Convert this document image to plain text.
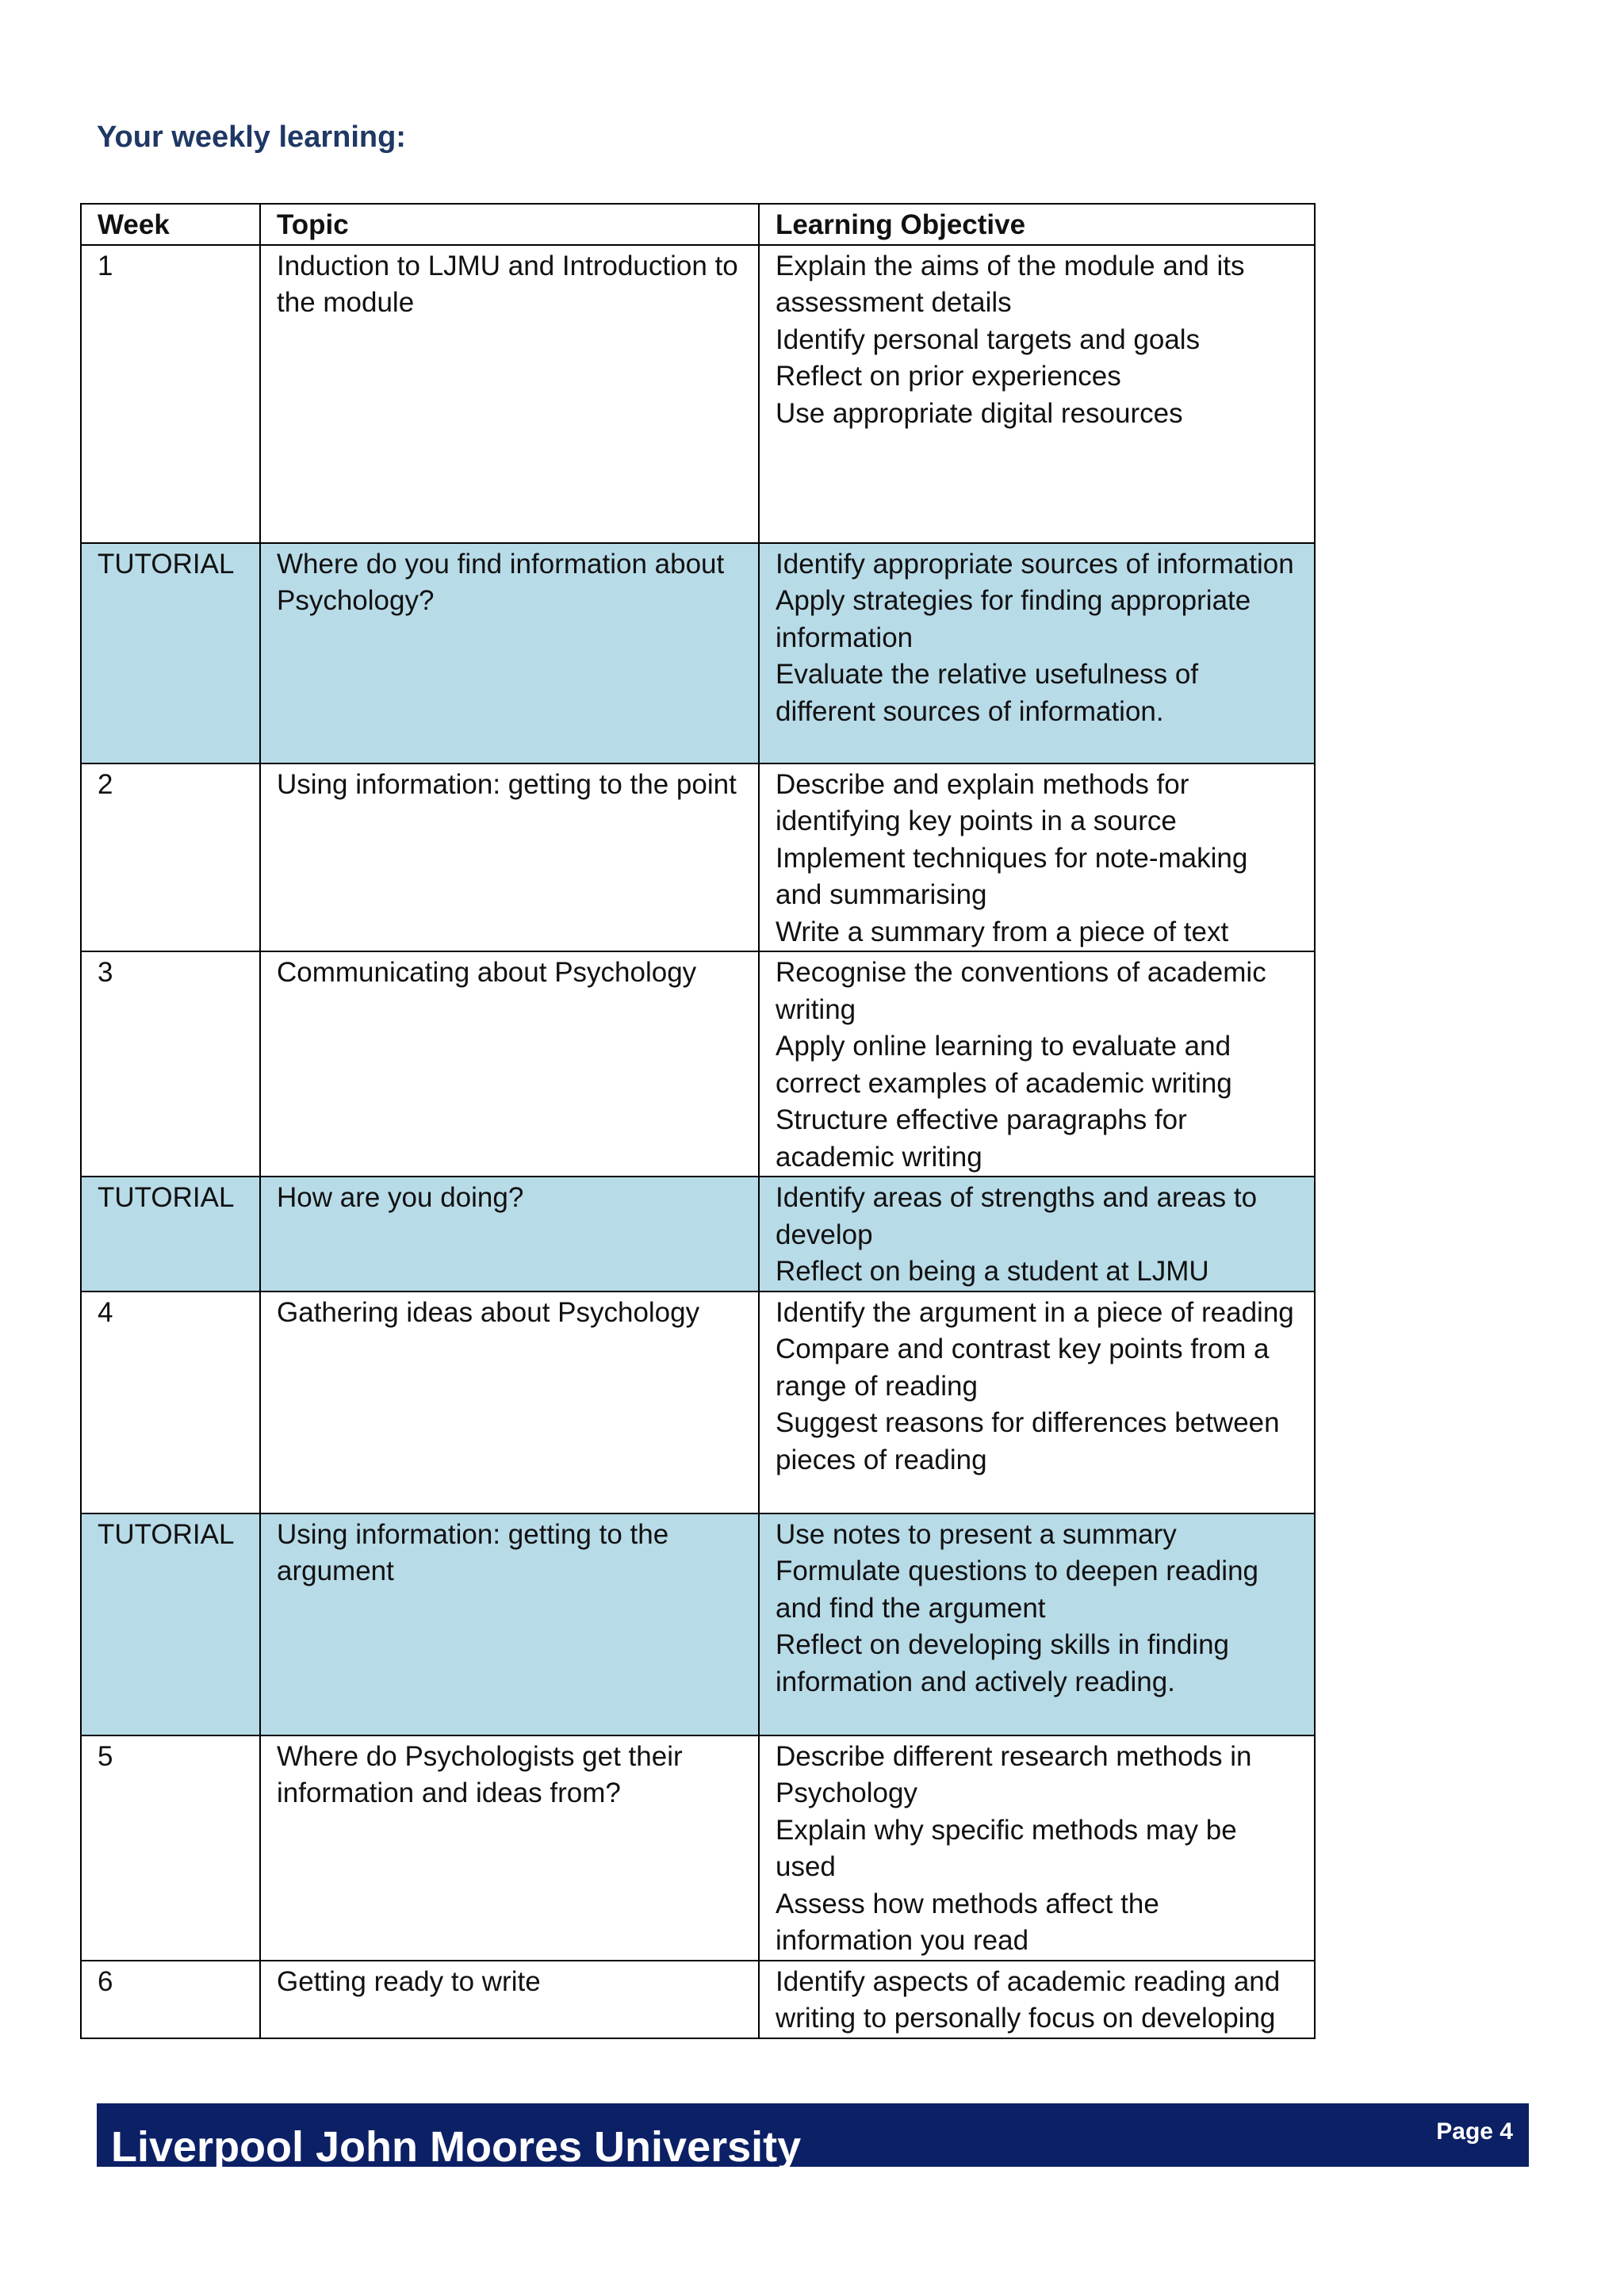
Your weekly learning:
Week	Topic	Learning Objective
1	Induction to LJMU and Introduction to the module	Explain the aims of the module and its assessment details
Identify personal targets and goals
Reflect on prior experiences
Use appropriate digital resources

TUTORIAL	Where do you find information about Psychology?	Identify appropriate sources of information
Apply strategies for finding appropriate information
Evaluate the relative usefulness of different sources of information.

2	Using information: getting to the point	Describe and explain methods for identifying key points in a source
Implement techniques for note-making and summarising
Write a summary from a piece of text

3	Communicating about Psychology	Recognise the conventions of academic writing
Apply online learning to evaluate and correct examples of academic writing
Structure effective paragraphs for academic writing

TUTORIAL	How are you doing?	Identify areas of strengths and areas to develop
Reflect on being a student at LJMU

4	Gathering ideas about Psychology	Identify the argument in a piece of reading
Compare and contrast key points from a range of reading
Suggest reasons for differences between pieces of reading

TUTORIAL	Using information: getting to the argument	Use notes to present a summary
Formulate questions to deepen reading and find the argument
Reflect on developing skills in finding information and actively reading.

5	Where do Psychologists get their information and ideas from?	Describe different research methods in Psychology
Explain why specific methods may be used
Assess how methods affect the information you read

6	Getting ready to write	Identify aspects of academic reading and writing to personally focus on developing
Liverpool John Moores University	Page 4
